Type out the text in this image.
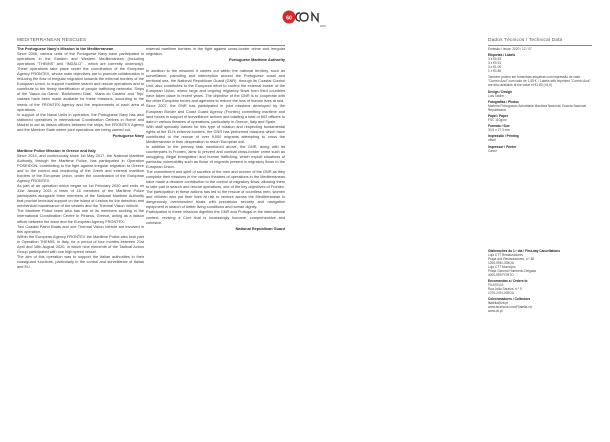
60
2020
MEDITERRANEAN RESCUES	Dados Técnicos / Technical Data

The Portuguese Navy's Mission in the Mediterranean

Since 2006, various units of the Portuguese Navy have participated in operations in the Eastern and Western Mediterranean (including operations "THEMIS" and "INDALO" - which are currently underway). These operations take place under the coordination of the European Agency FRONTEX, whose main objectives are to promote collaboration in reducing the flow of irregular migration towards the external borders of the European Union, to support maritime search and rescue operations and to contribute to the timely identification of people trafficking networks. Ships of the 'Vasco da Gama', 'Bartolomeu Dias', 'Viana do Castelo' and 'Tejo' classes have been made available for these missions, according to the needs of the FRONTEX Agency and the requirements of each area of operations.

In support of the Naval Units in operation, the Portuguese Navy has also stationed operatives in international Coordination Centres in Rome and Madrid to act as liaison officers between the ships, the FRONTEX Agency and the Member State where joint operations are being carried out.

Portuguese Navy

Maritime Police Mission in Greece and Italy

Since 2014, and continuously since 1st May 2017, the National Maritime Authority, through the Maritime Police, has participated in Operation POSEIDON, contributing to the fight against irregular migration to Greece and to the control and monitoring of the Greek and external maritime borders of the European Union, under the coordination of the European Agency FRONTEX.

As part of an operation which began on 1st February 2020 and ends on 31st January 2021 a team of 16 members of the Maritime Police participates alongside three members of the National Maritime Authority that provide technical support on the island of Lesbos for the detection and mechanical maintenance of the vessels and the Thermal Vision Vehicle.

The Maritime Police team also has one of its members working in the International Coordination Centre in Piraeus, Greece, acting as a liaison officer between the team and the European Agency FRONTEX.

Two Coastal Patrol Boats and one Thermal Vision Vehicle are involved in this operation.

Within the European Agency FRONTEX the Maritime Police also took part in Operation THEMIS, in Italy, for a period of four months between 21st April and 18th August 2020, in which nine elements of the Tactical Action Group participated with one high speed vessel.

The aim of this operation was to support the Italian authorities in their coastguard functions, particularly in the control and surveillance of Italian and EU

external maritime borders in the fight against cross-border crime and irregular migration.

Portuguese Maritime Authority

In addition to the missions it carries out within the national territory, such as surveillance, patrolling and interception around the Portuguese coast and territorial sea, the National Republican Guard (GNR), through its Coastal Control Unit, also contributes to the European effort to control the external border of the European Union, where large and ongoing migratory flows from third countries have taken place in recent years. The objective of the GNR is to cooperate with the other European forces and agencies to reduce the loss of human lives at sea.

Since 2007, the GNR has participated in joint missions developed by the European Border and Coast Guard Agency (Frontex) committing maritime and land forces in support of surveillance actions and totalling a total of 602 officers to date in various theatres of operations, particularly in Greece, Italy and Spain.

With staff specially trained for this type of mission and respecting fundamental rights at the EU's external borders, the GNR has performed missions which have contributed to the rescue of over 9,000 migrants attempting to cross the Mediterranean in their desperation to reach European soil.

In addition to the primary task mentioned above, the GNR, along with its counterparts in Frontex, aims to prevent and combat cross-border crime such as smuggling, illegal immigration and human trafficking, which exploit situations of particular vulnerability such as those of migrants present in migratory flows to the European Union.

The commitment and spirit of sacrifice of the men and women of the GNR as they complete their missions in the various theatres of operations in the Mediterranean have made a decisive contribution to the control of migratory flows, allowing them to take part in search and rescue operations, one of the key objectives of Frontex.

The participation in these actions has led to the rescue of countless men, women and children who put their lives at risk to venture across the Mediterranean in dangerously overcrowded boats with precarious security and navigation equipment in search of better living conditions and human dignity.

Participation in these missions dignifies the GNR and Portugal in the international context, reviving a Core that is increasingly humane, comprehensive and cohesive.

National Republican Guard

Emissão / Issue: 2020 / 12 / 07
Etiquetas / Labels
3 x €0,53
3 x €0,91
3 x €1,00
1 x €0,86
Também podem ser fornecidas etiquetas com impressão de valor "Correio Azul" com valor de 1,85 €. / Labels with imprinted "Correio Azul" are also available at the value of €1,85 (×5,0)
Design / Design
Luís Taklim
Fotografias / Photos
Marinha Portuguesa; Autoridade Marítima Nacional; Guarda Nacional Republicana
Papel / Paper
FSC 110g/m²
Formato / Size
30,5 x 27,3 mm
Impressão / Printing
offset
Impressor / Printer
Cartor
Obliterações do 1.º dia / First-day Cancellations
Loja CTT Restauradores
Praça dos Restauradores, n.º 58
1250-998 LISBOA
Loja CTT Município
Praça General Humberto Delgado
4000-999 PORTO
Encomendas a / Orders to
FILATELIA
Rua João Saraiva, n.º 9
1700-249 LISBOA
Colecionadores / Collectors
filatelia@ctt.pt
www.facebook.com/Filatelia.ctt
www.ctt.pt
